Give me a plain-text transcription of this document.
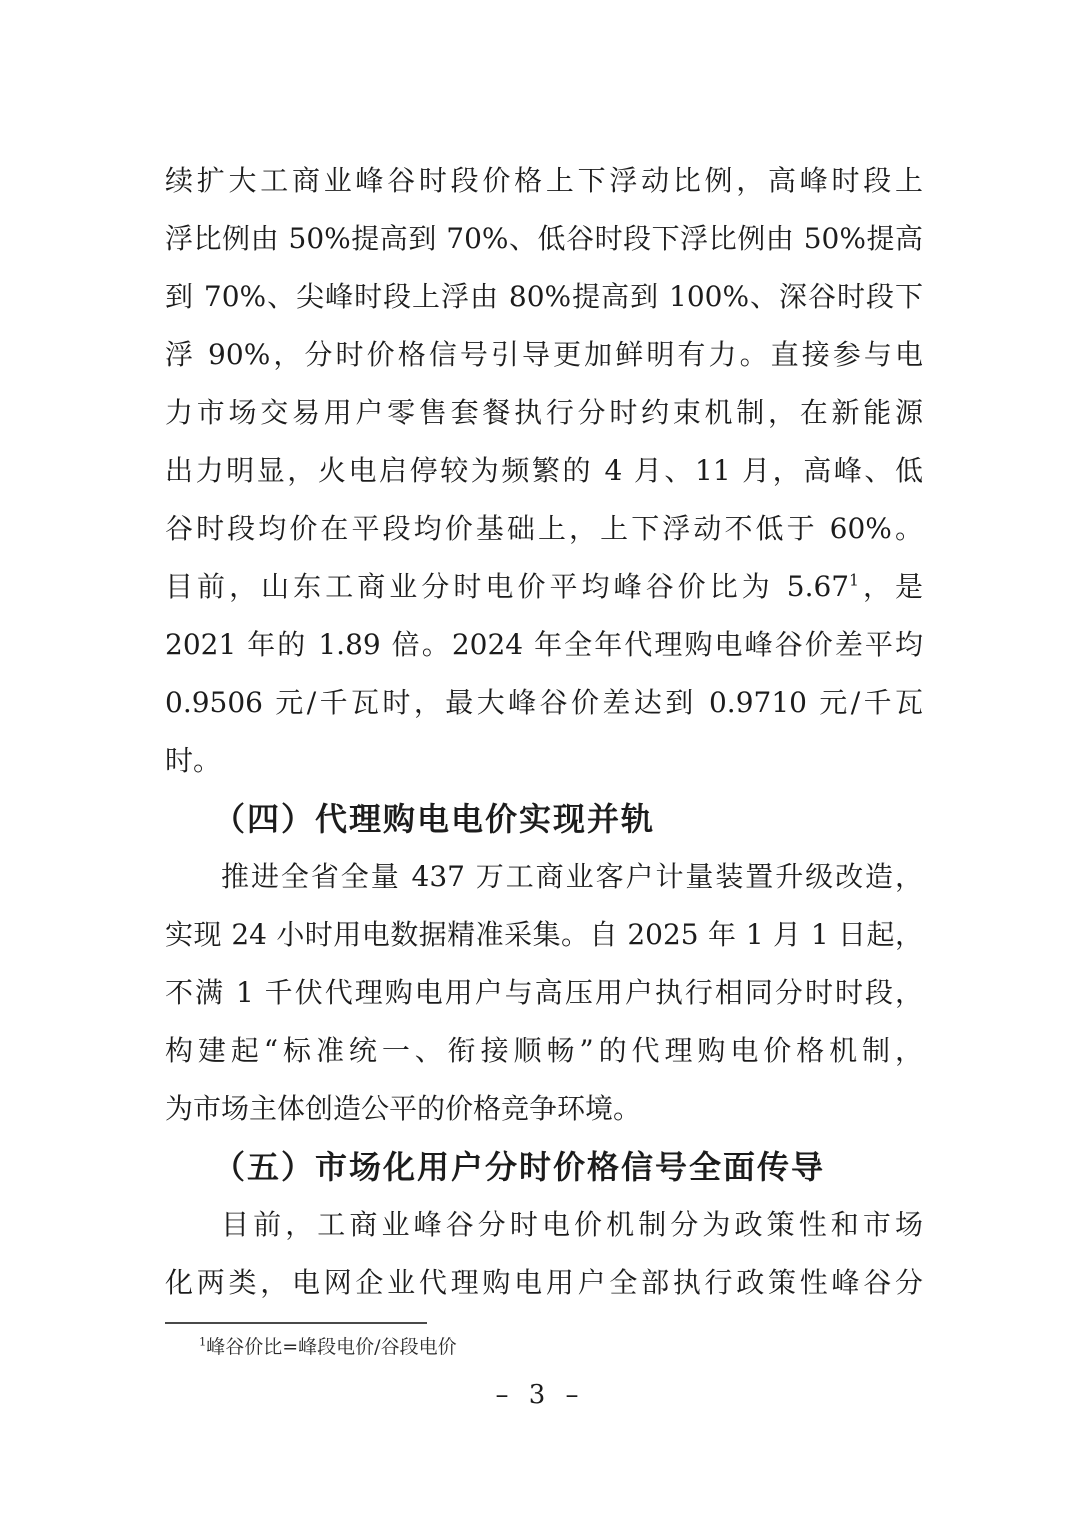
续扩大工商业峰谷时段价格上下浮动比例，高峰时段上
浮比例由 50%提高到 70%、低谷时段下浮比例由 50%提高
到 70%、尖峰时段上浮由 80%提高到 100%、深谷时段下
浮 90%，分时价格信号引导更加鲜明有力。直接参与电
力市场交易用户零售套餐执行分时约束机制，在新能源
出力明显，火电启停较为频繁的 4 月、11 月，高峰、低
谷时段均价在平段均价基础上，上下浮动不低于 60%。
目前，山东工商业分时电价平均峰谷价比为 5.67$^1$，是
2021 年的 1.89 倍。2024 年全年代理购电峰谷价差平均
0.9506 元/千瓦时，最大峰谷价差达到 0.9710 元/千瓦
时。
（四）代理购电电价实现并轨
推进全省全量 437 万工商业客户计量装置升级改造，
实现 24 小时用电数据精准采集。自 2025 年 1 月 1 日起，
不满 1 千伏代理购电用户与高压用户执行相同分时时段，
构建起“标准统一、衔接顺畅”的代理购电价格机制，
为市场主体创造公平的价格竞争环境。
（五）市场化用户分时价格信号全面传导
目前，工商业峰谷分时电价机制分为政策性和市场
化两类，电网企业代理购电用户全部执行政策性峰谷分
$^1$峰谷价比=峰段电价/谷段电价
– 3 –
